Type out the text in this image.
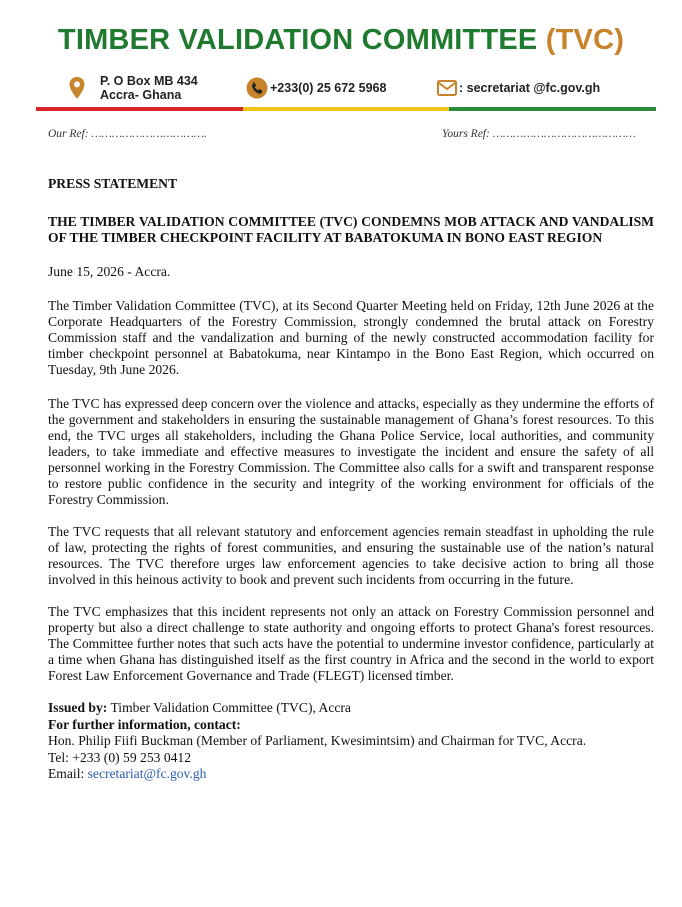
TIMBER VALIDATION COMMITTEE (TVC)
P. O Box MB 434
Accra- Ghana	+233(0) 25 672 5968	: secretariat @fc.gov.gh
Our Ref: …………………………….	Yours Ref: ……………………………………

PRESS STATEMENT

THE TIMBER VALIDATION COMMITTEE (TVC) CONDEMNS MOB ATTACK AND VANDALISM OF THE TIMBER CHECKPOINT FACILITY AT BABATOKUMA IN BONO EAST REGION

June 15, 2026 - Accra.

The Timber Validation Committee (TVC), at its Second Quarter Meeting held on Friday, 12th June 2026 at the Corporate Headquarters of the Forestry Commission, strongly condemned the brutal attack on Forestry Commission staff and the vandalization and burning of the newly constructed accommodation facility for timber checkpoint personnel at Babatokuma, near Kintampo in the Bono East Region, which occurred on Tuesday, 9th June 2026.

The TVC has expressed deep concern over the violence and attacks, especially as they undermine the efforts of the government and stakeholders in ensuring the sustainable management of Ghana’s forest resources. To this end, the TVC urges all stakeholders, including the Ghana Police Service, local authorities, and community leaders, to take immediate and effective measures to investigate the incident and ensure the safety of all personnel working in the Forestry Commission. The Committee also calls for a swift and transparent response to restore public confidence in the security and integrity of the working environment for officials of the Forestry Commission.

The TVC requests that all relevant statutory and enforcement agencies remain steadfast in upholding the rule of law, protecting the rights of forest communities, and ensuring the sustainable use of the nation’s natural resources. The TVC therefore urges law enforcement agencies to take decisive action to bring all those involved in this heinous activity to book and prevent such incidents from occurring in the future.

The TVC emphasizes that this incident represents not only an attack on Forestry Commission personnel and property but also a direct challenge to state authority and ongoing efforts to protect Ghana's forest resources. The Committee further notes that such acts have the potential to undermine investor confidence, particularly at a time when Ghana has distinguished itself as the first country in Africa and the second in the world to export Forest Law Enforcement Governance and Trade (FLEGT) licensed timber.

Issued by: Timber Validation Committee (TVC), Accra
For further information, contact:
Hon. Philip Fiifi Buckman (Member of Parliament, Kwesimintsim) and Chairman for TVC, Accra.
Tel: +233 (0) 59 253 0412
Email: secretariat@fc.gov.gh
